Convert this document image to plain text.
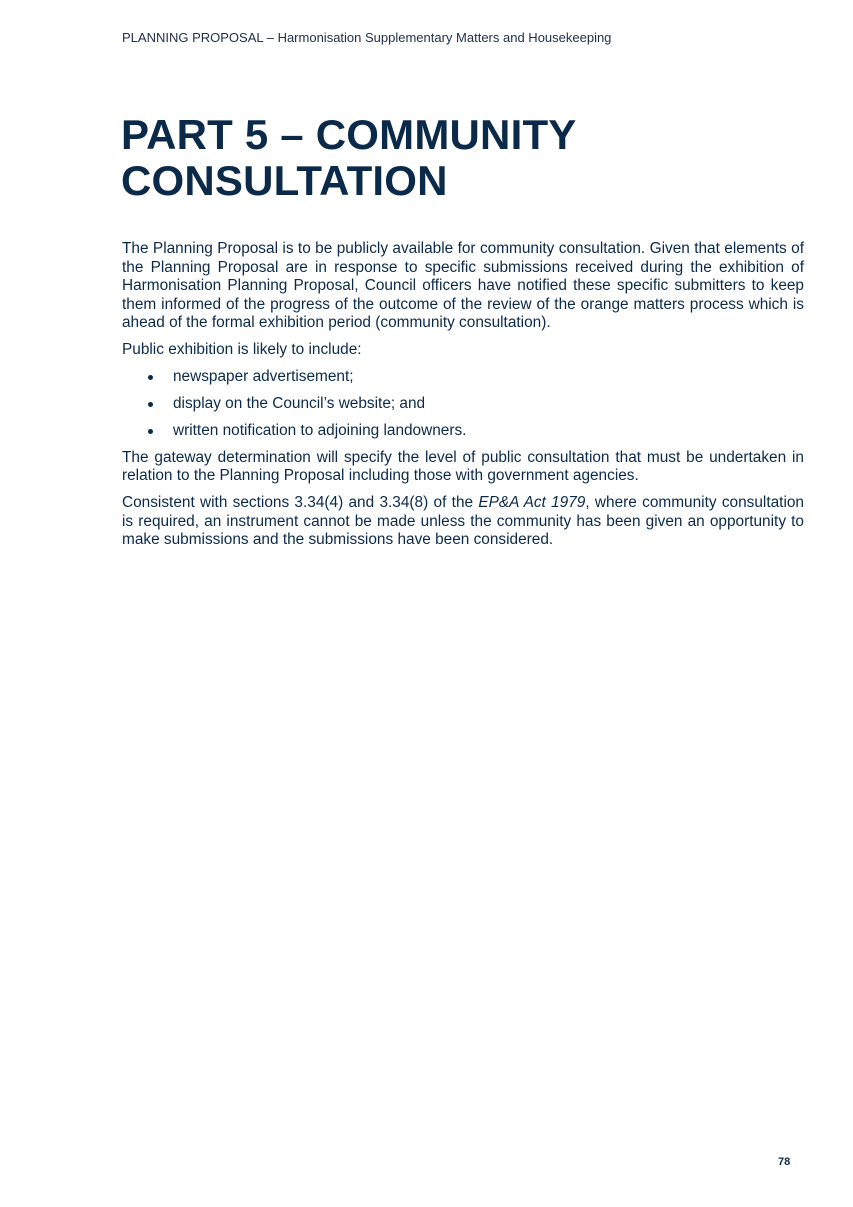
PLANNING PROPOSAL – Harmonisation Supplementary Matters and Housekeeping
PART 5 – COMMUNITY
CONSULTATION

The Planning Proposal is to be publicly available for community consultation. Given that elements of the Planning Proposal are in response to specific submissions received during the exhibition of Harmonisation Planning Proposal, Council officers have notified these specific submitters to keep them informed of the progress of the outcome of the review of the orange matters process which is ahead of the formal exhibition period (community consultation).

Public exhibition is likely to include:

newspaper advertisement;
display on the Council’s website; and
written notification to adjoining landowners.

The gateway determination will specify the level of public consultation that must be undertaken in relation to the Planning Proposal including those with government agencies.

Consistent with sections 3.34(4) and 3.34(8) of the EP&A Act 1979, where community consultation is required, an instrument cannot be made unless the community has been given an opportunity to make submissions and the submissions have been considered.

78
